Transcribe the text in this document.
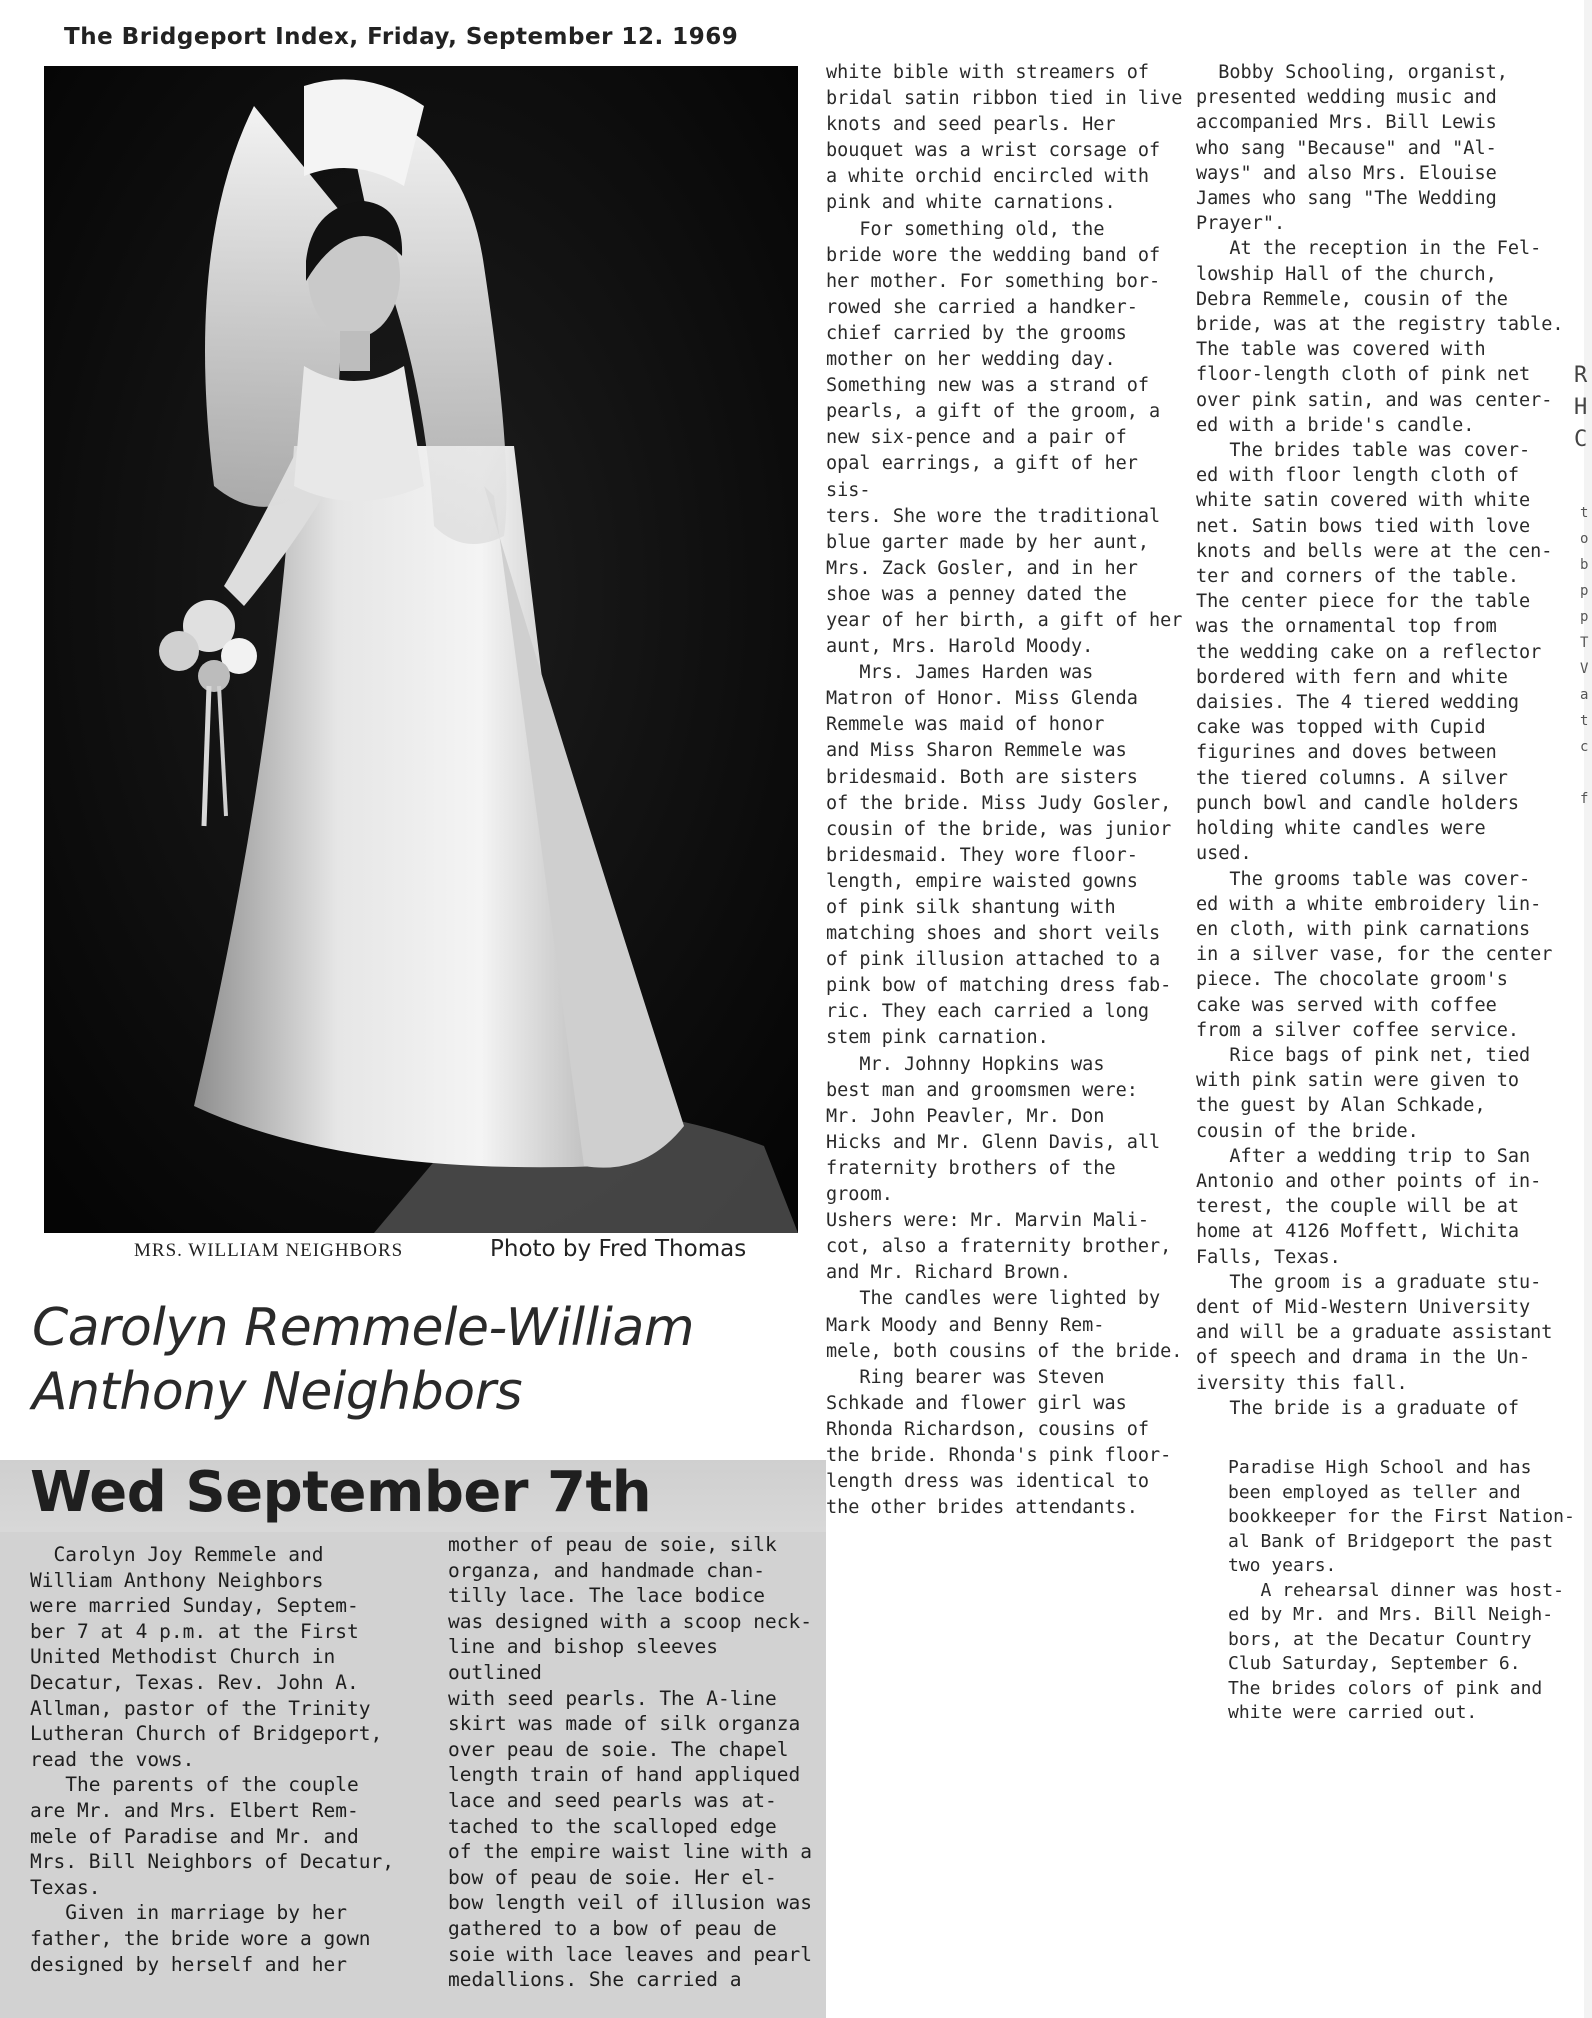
The Bridgeport Index, Friday, September 12. 1969
MRS. WILLIAM NEIGHBORS	Photo by Fred Thomas
Carolyn Remmele-William
Anthony Neighbors
Wed September 7th
Carolyn Joy Remmele and
William Anthony Neighbors
were married Sunday, Septem-
ber 7 at 4 p.m. at the First
United Methodist Church in
Decatur, Texas. Rev. John A.
Allman, pastor of the Trinity
Lutheran Church of Bridgeport,
read the vows.
The parents of the couple
are Mr. and Mrs. Elbert Rem-
mele of Paradise and Mr. and
Mrs. Bill Neighbors of Decatur,
Texas.
Given in marriage by her
father, the bride wore a gown
designed by herself and her
mother of peau de soie, silk
organza, and handmade chan-
tilly lace. The lace bodice
was designed with a scoop neck-
line and bishop sleeves outlined
with seed pearls. The A-line
skirt was made of silk organza
over peau de soie. The chapel
length train of hand appliqued
lace and seed pearls was at-
tached to the scalloped edge
of the empire waist line with a
bow of peau de soie. Her el-
bow length veil of illusion was
gathered to a bow of peau de
soie with lace leaves and pearl
medallions. She carried a
white bible with streamers of
bridal satin ribbon tied in live
knots and seed pearls. Her
bouquet was a wrist corsage of
a white orchid encircled with
pink and white carnations.
For something old, the
bride wore the wedding band of
her mother. For something bor-
rowed she carried a handker-
chief carried by the grooms
mother on her wedding day.
Something new was a strand of
pearls, a gift of the groom, a
new six-pence and a pair of
opal earrings, a gift of her sis-
ters. She wore the traditional
blue garter made by her aunt,
Mrs. Zack Gosler, and in her
shoe was a penney dated the
year of her birth, a gift of her
aunt, Mrs. Harold Moody.
Mrs. James Harden was
Matron of Honor. Miss Glenda
Remmele was maid of honor
and Miss Sharon Remmele was
bridesmaid. Both are sisters
of the bride. Miss Judy Gosler,
cousin of the bride, was junior
bridesmaid. They wore floor-
length, empire waisted gowns
of pink silk shantung with
matching shoes and short veils
of pink illusion attached to a
pink bow of matching dress fab-
ric. They each carried a long
stem pink carnation.
Mr. Johnny Hopkins was
best man and groomsmen were:
Mr. John Peavler, Mr. Don
Hicks and Mr. Glenn Davis, all
fraternity brothers of the groom.
Ushers were: Mr. Marvin Mali-
cot, also a fraternity brother,
and Mr. Richard Brown.
The candles were lighted by
Mark Moody and Benny Rem-
mele, both cousins of the bride.
Ring bearer was Steven
Schkade and flower girl was
Rhonda Richardson, cousins of
the bride. Rhonda's pink floor-
length dress was identical to
the other brides attendants.
Bobby Schooling, organist,
presented wedding music and
accompanied Mrs. Bill Lewis
who sang "Because" and "Al-
ways" and also Mrs. Elouise
James who sang "The Wedding
Prayer".
At the reception in the Fel-
lowship Hall of the church,
Debra Remmele, cousin of the
bride, was at the registry table.
The table was covered with
floor-length cloth of pink net
over pink satin, and was center-
ed with a bride's candle.
The brides table was cover-
ed with floor length cloth of
white satin covered with white
net. Satin bows tied with love
knots and bells were at the cen-
ter and corners of the table.
The center piece for the table
was the ornamental top from
the wedding cake on a reflector
bordered with fern and white
daisies. The 4 tiered wedding
cake was topped with Cupid
figurines and doves between
the tiered columns. A silver
punch bowl and candle holders
holding white candles were
used.
The grooms table was cover-
ed with a white embroidery lin-
en cloth, with pink carnations
in a silver vase, for the center
piece. The chocolate groom's
cake was served with coffee
from a silver coffee service.
Rice bags of pink net, tied
with pink satin were given to
the guest by Alan Schkade,
cousin of the bride.
After a wedding trip to San
Antonio and other points of in-
terest, the couple will be at
home at 4126 Moffett, Wichita
Falls, Texas.
The groom is a graduate stu-
dent of Mid-Western University
and will be a graduate assistant
of speech and drama in the Un-
iversity this fall.
The bride is a graduate of
Paradise High School and has
been employed as teller and
bookkeeper for the First Nation-
al Bank of Bridgeport the past
two years.
A rehearsal dinner was host-
ed by Mr. and Mrs. Bill Neigh-
bors, at the Decatur Country
Club Saturday, September 6.
The brides colors of pink and
white were carried out.
R
H
C
t
o
b
p
p
T
V
a
t
c

f
